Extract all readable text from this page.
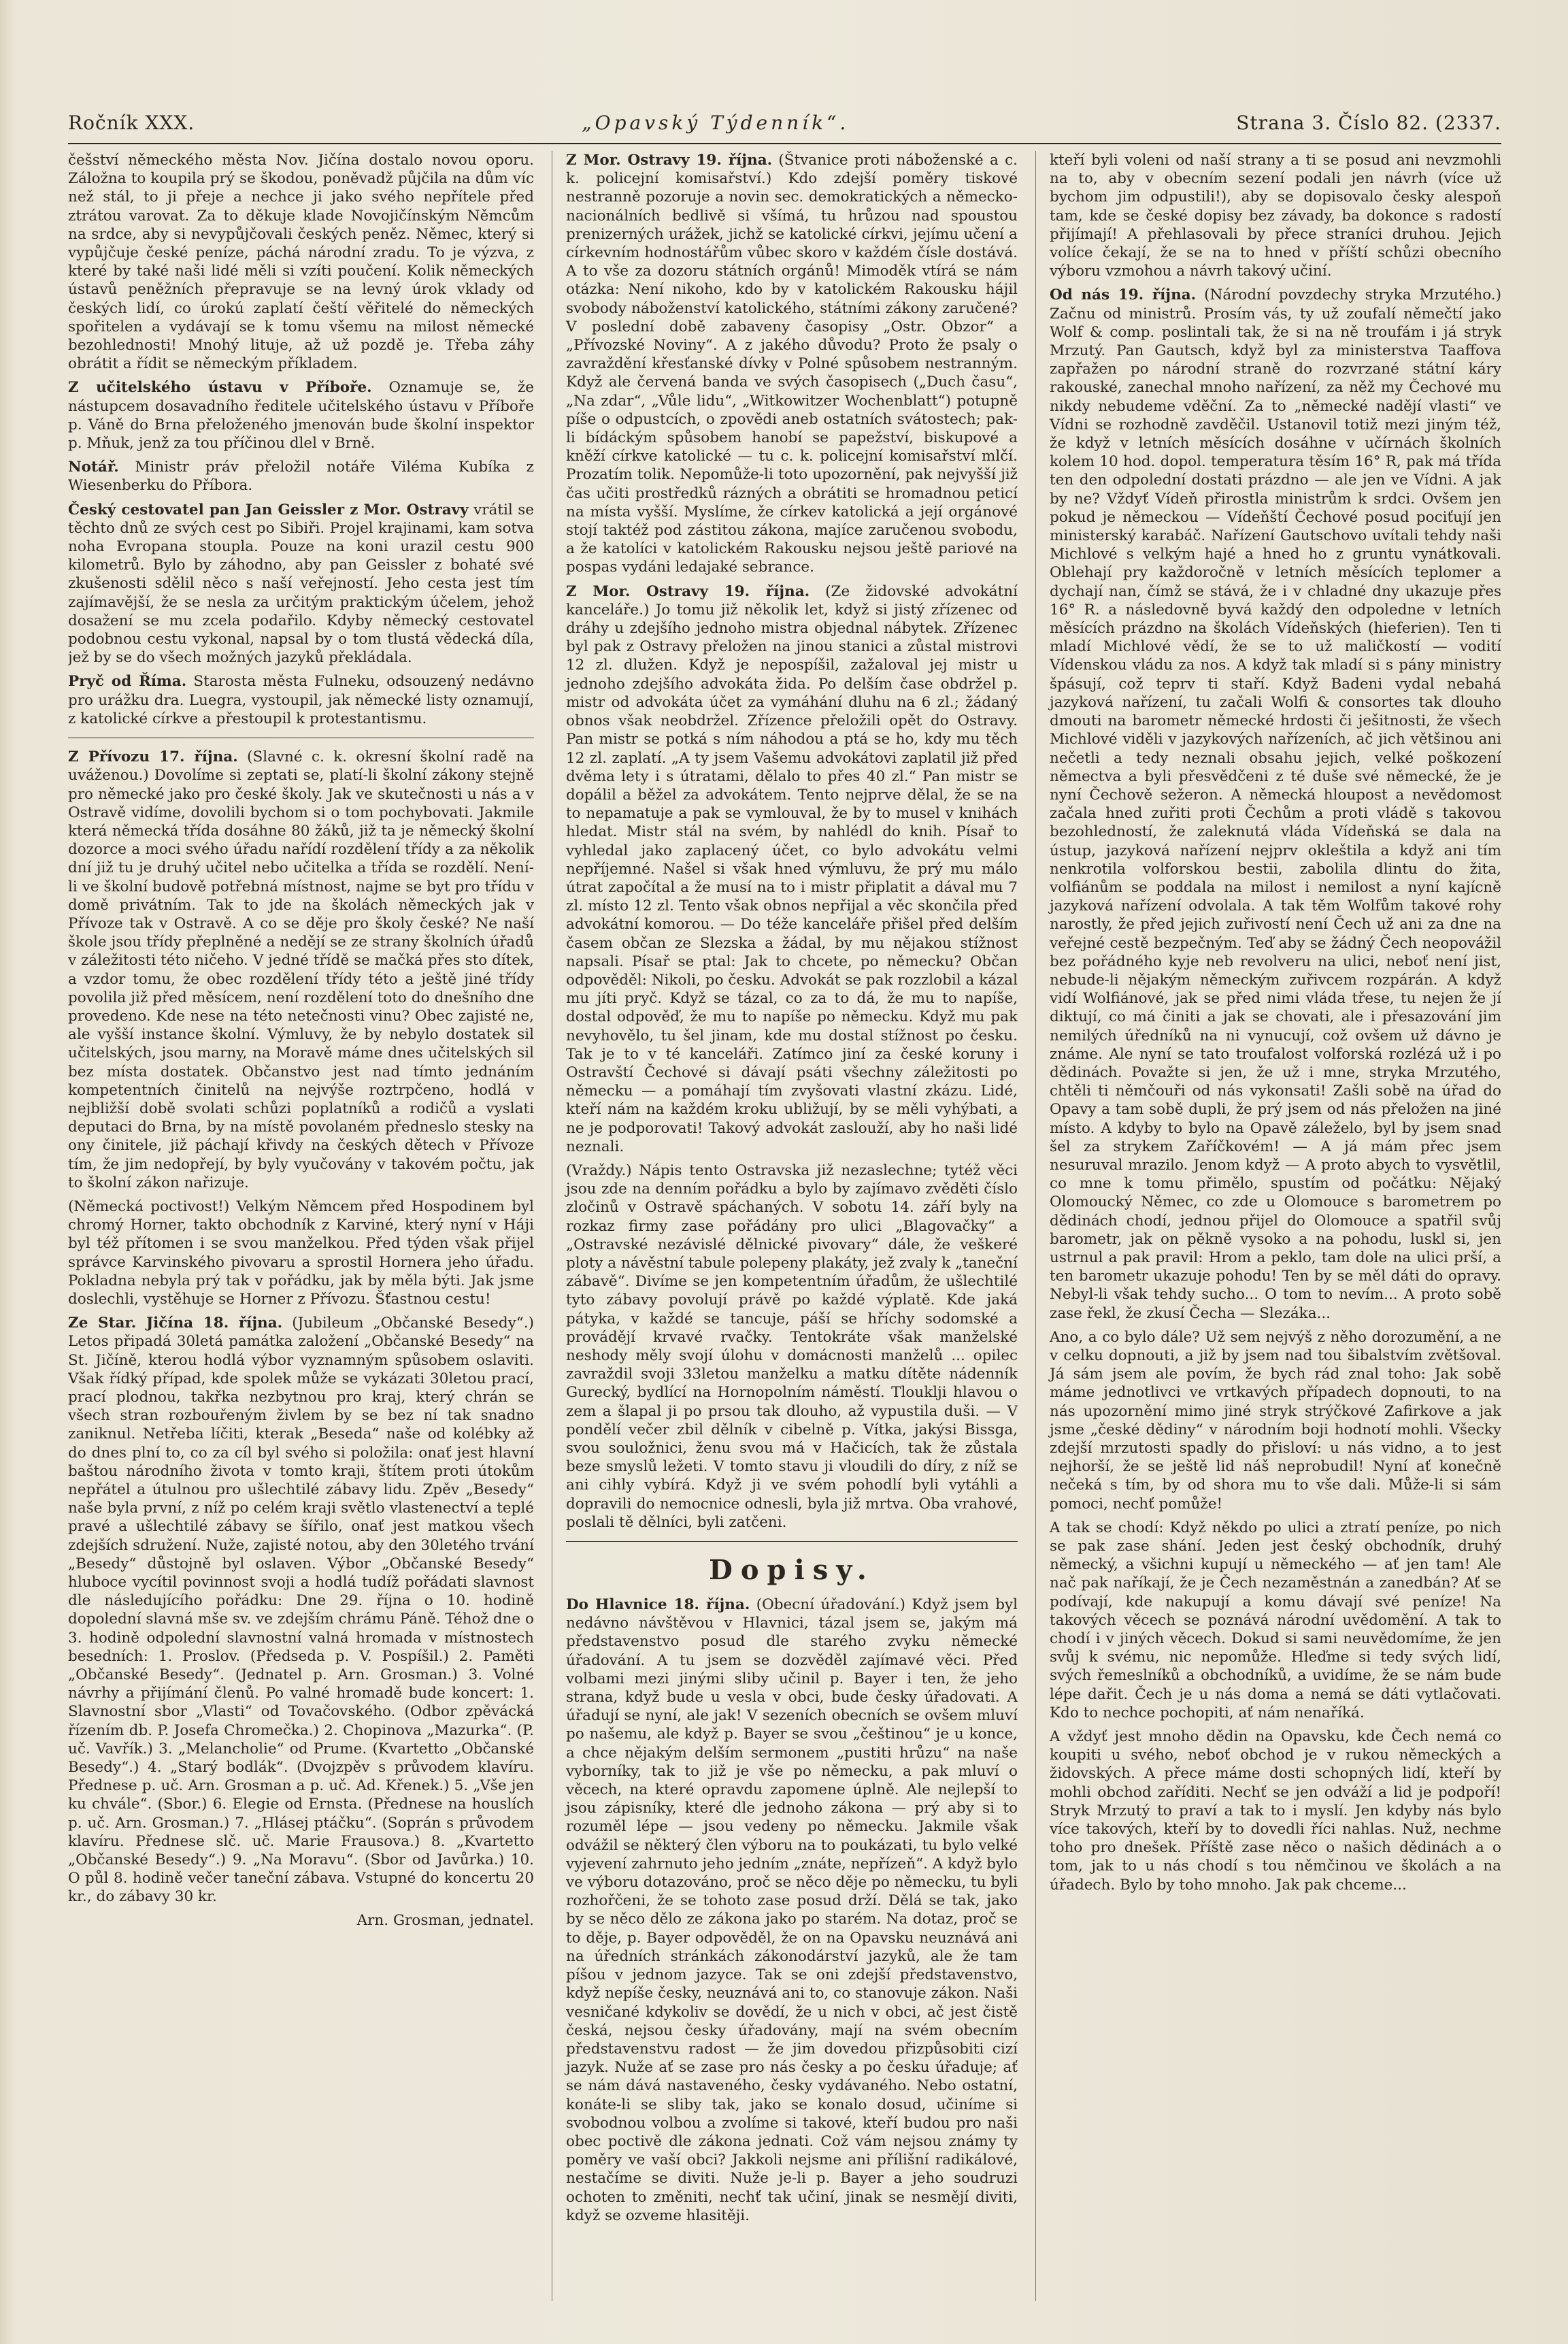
Ročník XXX.	„Opavský Týdenník“.	Strana 3. Číslo 82. (2337.

češství německého města Nov. Jičína dostalo novou oporu. Záložna to koupila prý se škodou, poněvadž půjčila na dům víc než stál, to ji přeje a nechce ji jako svého nepřítele před ztrátou varovat. Za to děkuje klade Novojičínským Němcům na srdce, aby si nevypůjčovali českých peněz. Němec, který si vypůjčuje české peníze, páchá národní zradu. To je výzva, z které by také naši lidé měli si vzíti poučení. Kolik německých ústavů peněžních přepravuje se na levný úrok vklady od českých lidí, co úrokú zaplatí čeští věřitelé do německých spořitelen a vydávají se k tomu všemu na milost německé bezohlednosti! Mnohý lituje, až už pozdě je. Třeba záhy obrátit a řídit se německým příkladem.

Z učitelského ústavu v Příboře. Oznamuje se, že nástupcem dosavadního ředitele učitelského ústavu v Příboře p. Váně do Brna přeloženého jmenován bude školní inspektor p. Mňuk, jenž za tou příčinou dlel v Brně.

Notář. Ministr práv přeložil notáře Viléma Kubíka z Wiesenberku do Příbora.

Český cestovatel pan Jan Geissler z Mor. Ostravy vrátil se těchto dnů ze svých cest po Sibiři. Projel krajinami, kam sotva noha Evropana stoupla. Pouze na koni urazil cestu 900 kilometrů. Bylo by záhodno, aby pan Geissler z bohaté své zkušenosti sdělil něco s naší veřejností. Jeho cesta jest tím zajímavější, že se nesla za určitým praktickým účelem, jehož dosažení se mu zcela podařilo. Kdyby německý cestovatel podobnou cestu vykonal, napsal by o tom tlustá vědecká díla, jež by se do všech možných jazyků překládala.

Pryč od Říma. Starosta města Fulneku, odsouzený nedávno pro urážku dra. Luegra, vystoupil, jak německé listy oznamují, z katolické církve a přestoupil k protestantismu.

Z Přívozu 17. října. (Slavné c. k. okresní školní radě na uváženou.) Dovolíme si zeptati se, platí-li školní zákony stejně pro německé jako pro české školy. Jak ve skutečnosti u nás a v Ostravě vidíme, dovolili bychom si o tom pochybovati. Jakmile která německá třída dosáhne 80 žáků, již ta je německý školní dozorce a moci svého úřadu nařídí rozdělení třídy a za několik dní již tu je druhý učitel nebo učitelka a třída se rozdělí. Není-li ve školní budově potřebná místnost, najme se byt pro třídu v domě privátním. Tak to jde na školách německých jak v Přívoze tak v Ostravě. A co se děje pro školy české? Ne naší škole jsou třídy přeplněné a nedějí se ze strany školních úřadů v záležitosti této ničeho. V jedné třídě se mačká přes sto dítek, a vzdor tomu, že obec rozdělení třídy této a ještě jiné třídy povolila již před měsícem, není rozdělení toto do dnešního dne provedeno. Kde nese na této netečnosti vinu? Obec zajisté ne, ale vyšší instance školní. Výmluvy, že by nebylo dostatek sil učitelských, jsou marny, na Moravě máme dnes učitelských sil bez místa dostatek. Občanstvo jest nad tímto jednáním kompetentních činitelů na nejvýše roztrpčeno, hodlá v nejbližší době svolati schůzi poplatníků a rodičů a vyslati deputaci do Brna, by na místě povolaném předneslo stesky na ony činitele, již páchají křivdy na českých dětech v Přívoze tím, že jim nedopřejí, by byly vyučovány v takovém počtu, jak to školní zákon nařizuje.

(Německá poctivost!) Velkým Němcem před Hospodinem byl chromý Horner, takto obchodník z Karviné, který nyní v Háji byl též přítomen i se svou manželkou. Před týden však přijel správce Karvinského pivovaru a sprostil Hornera jeho úřadu. Pokladna nebyla prý tak v pořádku, jak by měla býti. Jak jsme doslechli, vystěhuje se Horner z Přívozu. Šťastnou cestu!

Ze Star. Jičína 18. října. (Jubileum „Občanské Besedy“.) Letos připadá 30letá památka založení „Občanské Besedy“ na St. Jičíně, kterou hodlá výbor vyznamným spůsobem oslaviti. Však řídký případ, kde spolek může se vykázati 30letou prací, prací plodnou, takřka nezbytnou pro kraj, který chrán se všech stran rozbouřeným živlem by se bez ní tak snadno zaniknul. Netřeba líčiti, kterak „Beseda“ naše od kolébky až do dnes plní to, co za cíl byl svého si položila: onať jest hlavní baštou národního života v tomto kraji, štítem proti útokům nepřátel a útulnou pro ušlechtilé zábavy lidu. Zpěv „Besedy“ naše byla první, z níž po celém kraji světlo vlastenectví a teplé pravé a ušlechtilé zábavy se šířilo, onať jest matkou všech zdejších sdružení. Nuže, zajisté notou, aby den 30letého trvání „Besedy“ důstojně byl oslaven. Výbor „Občanské Besedy“ hluboce vycítil povinnost svoji a hodlá tudíž pořádati slavnost dle následujícího pořádku: Dne 29. října o 10. hodině dopolední slavná mše sv. ve zdejším chrámu Páně. Téhož dne o 3. hodině odpolední slavnostní valná hromada v místnostech besedních: 1. Proslov. (Předseda p. V. Pospíšil.) 2. Paměti „Občanské Besedy“. (Jednatel p. Arn. Grosman.) 3. Volné návrhy a přijímání členů. Po valné hromadě bude koncert: 1. Slavnostní sbor „Vlasti“ od Tovačovského. (Odbor zpěvácká řízením db. P. Josefa Chromečka.) 2. Chopinova „Mazurka“. (P. uč. Vavřík.) 3. „Melancholie“ od Prume. (Kvartetto „Občanské Besedy“.) 4. „Starý bodlák“. (Dvojzpěv s průvodem klavíru. Přednese p. uč. Arn. Grosman a p. uč. Ad. Křenek.) 5. „Vše jen ku chvále“. (Sbor.) 6. Elegie od Ernsta. (Přednese na houslích p. uč. Arn. Grosman.) 7. „Hlásej ptáčku“. (Soprán s průvodem klavíru. Přednese slč. uč. Marie Frausova.) 8. „Kvartetto „Občanské Besedy“.) 9. „Na Moravu“. (Sbor od Javůrka.) 10. O půl 8. hodině večer taneční zábava. Vstupné do koncertu 20 kr., do zábavy 30 kr.

Arn. Grosman, jednatel.

Z Mor. Ostravy 19. října. (Štvanice proti náboženské a c. k. policejní komisařství.) Kdo zdejší poměry tiskové nestranně pozoruje a novin sec. demokratických a německo-nacionálních bedlivě si všímá, tu hrůzou nad spoustou prenizerných urážek, jichž se katolické církvi, jejímu učení a církevním hodnostářům vůbec skoro v každém čísle dostává. A to vše za dozoru státních orgánů! Mimoděk vtírá se nám otázka: Není nikoho, kdo by v katolickém Rakousku hájil svobody náboženství katolického, státními zákony zaručené? V poslední době zabaveny časopisy „Ostr. Obzor“ a „Přívozské Noviny“. A z jakého důvodu? Proto že psaly o zavraždění křesťanské dívky v Polné spůsobem nestranným. Když ale červená banda ve svých časopisech („Duch času“, „Na zdar“, „Vůle lidu“, „Witkowitzer Wochenblatt“) potupně píše o odpustcích, o zpovědi aneb ostatních svátostech; pak-li bídáckým spůsobem hanobí se papežství, biskupové a kněží církve katolické — tu c. k. policejní komisařství mlčí. Prozatím tolik. Nepomůže-li toto upozornění, pak nejvyšší již čas učiti prostředků rázných a obrátiti se hromadnou peticí na místa vyšší. Myslíme, že církev katolická a její orgánové stojí taktéž pod zástitou zákona, majíce zaručenou svobodu, a že katolíci v katolickém Rakousku nejsou ještě pariové na pospas vydáni ledajaké sebrance.

Z Mor. Ostravy 19. října. (Ze židovské advokátní kanceláře.) Jo tomu již několik let, když si jistý zřízenec od dráhy u zdejšího jednoho mistra objednal nábytek. Zřízenec byl pak z Ostravy přeložen na jinou stanici a zůstal mistrovi 12 zl. dlužen. Když je nepospíšil, zažaloval jej mistr u jednoho zdejšího advokáta žida. Po delším čase obdržel p. mistr od advokáta účet za vymáhání dluhu na 6 zl.; žádaný obnos však neobdržel. Zřízence přeložili opět do Ostravy. Pan mistr se potká s ním náhodou a ptá se ho, kdy mu těch 12 zl. zaplatí. „A ty jsem Vašemu advokátovi zaplatil již před dvěma lety i s útratami, dělalo to přes 40 zl.“ Pan mistr se dopálil a běžel za advokátem. Tento nejprve dělal, že se na to nepamatuje a pak se vymlouval, že by to musel v knihách hledat. Mistr stál na svém, by nahlédl do knih. Písař to vyhledal jako zaplacený účet, co bylo advokátu velmi nepříjemné. Našel si však hned výmluvu, že prý mu málo útrat započítal a že musí na to i mistr připlatit a dával mu 7 zl. místo 12 zl. Tento však obnos nepřijal a věc skončila před advokátní komorou. — Do téže kanceláře přišel před delším časem občan ze Slezska a žádal, by mu nějakou stížnost napsali. Písař se ptal: Jak to chcete, po německu? Občan odpověděl: Nikoli, po česku. Advokát se pak rozzlobil a kázal mu jíti pryč. Když se tázal, co za to dá, že mu to napíše, dostal odpověď, že mu to napíše po německu. Když mu pak nevyhovělo, tu šel jinam, kde mu dostal stížnost po česku. Tak je to v té kanceláři. Zatímco jiní za české koruny i Ostravští Čechové si dávají psáti všechny záležitosti po německu — a pomáhají tím zvyšovati vlastní zkázu. Lidé, kteří nám na každém kroku ubližují, by se měli vyhýbati, a ne je podporovati! Takový advokát zaslouží, aby ho naši lidé neznali.

(Vraždy.) Nápis tento Ostravska již nezaslechne; tytéž věci jsou zde na denním pořádku a bylo by zajímavo zvěděti číslo zločinů v Ostravě spáchaných. V sobotu 14. září byly na rozkaz firmy zase pořádány pro ulici „Blagovačky“ a „Ostravské nezávislé dělnické pivovary“ dále, že veškeré ploty a návěstní tabule polepeny plakáty, jež zvaly k „taneční zábavě“. Divíme se jen kompetentním úřadům, že ušlechtilé tyto zábavy povolují právě po každé výplatě. Kde jaká pátyka, v každé se tancuje, páší se hříchy sodomské a provádějí krvavé rvačky. Tentokráte však manželské neshody měly svojí úlohu v domácnosti manželů ... opilec zavraždil svoji 33letou manželku a matku dítěte nádenník Gurecký, bydlící na Hornopolním náměstí. Tlouklji hlavou o zem a šlapal ji po prsou tak dlouho, až vypustila duši. — V pondělí večer zbil dělník v cibelně p. Vítka, jakýsi Bissga, svou souložnici, ženu svou má v Hačicích, tak že zůstala beze smyslů ležeti. V tomto stavu ji vloudili do díry, z níž se ani cihly vybírá. Když ji ve svém pohodlí byli vytáhli a dopravili do nemocnice odnesli, byla již mrtva. Oba vrahové, poslali tě dělníci, byli zatčeni.

Dopisy.

Do Hlavnice 18. října. (Obecní úřadování.) Když jsem byl nedávno návštěvou v Hlavnici, tázal jsem se, jakým má představenstvo posud dle starého zvyku německé úřadování. A tu jsem se dozvěděl zajímavé věci. Před volbami mezi jinými sliby učinil p. Bayer i ten, že jeho strana, když bude u vesla v obci, bude česky úřadovati. A úřadují se nyní, ale jak! V sezeních obecních se ovšem mluví po našemu, ale když p. Bayer se svou „češtinou“ je u konce, a chce nějakým delším sermonem „pustiti hrůzu“ na naše vyborníky, tak to již je vše po německu, a pak mluví o věcech, na které opravdu zapomene úplně. Ale nejlepší to jsou zápisníky, které dle jednoho zákona — prý aby si to rozuměl lépe — jsou vedeny po německu. Jakmile však odvážil se některý člen výboru na to poukázati, tu bylo velké vyjevení zahrnuto jeho jedním „znáte, nepřízeň“. A když bylo ve výboru dotazováno, proč se něco děje po německu, tu byli rozhořčeni, že se tohoto zase posud drží. Dělá se tak, jako by se něco dělo ze zákona jako po starém. Na dotaz, proč se to děje, p. Bayer odpověděl, že on na Opavsku neuznává ani na úředních stránkách zákonodárství jazyků, ale že tam píšou v jednom jazyce. Tak se oni zdejší představenstvo, když nepíše česky, neuznává ani to, co stanovuje zákon. Naši vesničané kdykoliv se dovědí, že u nich v obci, ač jest čistě česká, nejsou česky úřadovány, mají na svém obecním představenstvu radost — že jim dovedou přizpůsobiti cizí jazyk. Nuže ať se zase pro nás česky a po česku úřaduje; ať se nám dává nastaveného, česky vydávaného. Nebo ostatní, konáte-li se sliby tak, jako se konalo dosud, učiníme si svobodnou volbou a zvolíme si takové, kteří budou pro naši obec poctivě dle zákona jednati. Což vám nejsou známy ty poměry ve vaší obci? Jakkoli nejsme ani přílišní radikálové, nestačíme se diviti. Nuže je-li p. Bayer a jeho soudruzi ochoten to změniti, nechť tak učiní, jinak se nesmějí diviti, když se ozveme hlasitěji.

kteří byli voleni od naší strany a ti se posud ani nevzmohli na to, aby v obecním sezení podali jen návrh (více už bychom jim odpustili!), aby se dopisovalo česky alespoň tam, kde se české dopisy bez závady, ba dokonce s radostí přijímají! A přehlasovali by přece straníci druhou. Jejich volíce čekají, že se na to hned v příští schůzi obecního výboru vzmohou a návrh takový učiní.

Od nás 19. října. (Národní povzdechy stryka Mrzutého.) Začnu od ministrů. Prosím vás, ty už zoufalí němečtí jako Wolf & comp. poslintali tak, že si na ně troufám i já stryk Mrzutý. Pan Gautsch, když byl za ministerstva Taaffova zapřažen po národní straně do rozvrzané státní káry rakouské, zanechal mnoho nařízení, za něž my Čechové mu nikdy nebudeme vděční. Za to „německé nadějí vlasti“ ve Vídni se rozhodně zavděčil. Ustanovil totiž mezi jiným též, že když v letních měsících dosáhne v učírnách školních kolem 10 hod. dopol. temperatura těsím 16° R, pak má třída ten den odpolední dostati prázdno — ale jen ve Vídni. A jak by ne? Vždyť Vídeň přirostla ministrům k srdci. Ovšem jen pokud je německou — Vídeňští Čechové posud pociťují jen ministerský karabáč. Nařízení Gautschovo uvítali tehdy naši Michlové s velkým hajé a hned ho z gruntu vynátkovali. Oblehají pry každoročně v letních měsících teplomer a dychají nan, čímž se stává, že i v chladné dny ukazuje přes 16° R. a následovně byvá každý den odpoledne v letních měsících prázdno na školách Vídeňských (hieferien). Ten ti mladí Michlové vědí, že se to už maličkostí — vodití Vídenskou vládu za nos. A když tak mladí si s pány ministry špásují, což teprv ti staří. Když Badeni vydal nebahá jazyková nařízení, tu začali Wolfi & consortes tak dlouho dmouti na barometr německé hrdosti či ješitnosti, že všech Michlové viděli v jazykových nařízeních, ač jich většinou ani nečetli a tedy neznali obsahu jejich, velké poškození němectva a byli přesvědčeni z té duše své německé, že je nyní Čechově sežeron. A německá hloupost a nevědomost začala hned zuřiti proti Čechům a proti vládě s takovou bezohledností, že zaleknutá vláda Vídeňská se dala na ústup, jazyková nařízení nejprv okleštila a když ani tím nenkrotila volforskou bestii, zabolila dlintu do žita, volfiánům se poddala na milost i nemilost a nyní kajícně jazyková nařízení odvolala. A tak těm Wolfům takové rohy narostly, že před jejich zuřivostí není Čech už ani za dne na veřejné cestě bezpečným. Teď aby se žádný Čech neopovážil bez pořádného kyje neb revolveru na ulici, neboť není jist, nebude-li nějakým německým zuřivcem rozpárán. A když vidí Wolfiánové, jak se před nimi vláda třese, tu nejen že jí diktují, co má činiti a jak se chovati, ale i přesazování jim nemilých úředníků na ni vynucují, což ovšem už dávno je známe. Ale nyní se tato troufalost volforská rozlézá už i po dědinách. Považte si jen, že už i mne, stryka Mrzutého, chtěli ti němčouři od nás vykonsati! Zašli sobě na úřad do Opavy a tam sobě dupli, že prý jsem od nás přeložen na jiné místo. A kdyby to bylo na Opavě záleželo, byl by jsem snad šel za strykem Zaříčkovém! — A já mám přec jsem nesuruval mrazilo. Jenom když — A proto abych to vysvětlil, co mne k tomu přimělo, spustím od počátku: Nějaký Olomoucký Němec, co zde u Olomouce s barometrem po dědinách chodí, jednou přijel do Olomouce a spatřil svůj barometr, jak on pěkně vysoko a na pohodu, luskl si, jen ustrnul a pak pravil: Hrom a peklo, tam dole na ulici prší, a ten barometr ukazuje pohodu! Ten by se měl dáti do opravy. Nebyl-li však tehdy sucho... O tom to nevím... A proto sobě zase řekl, že zkusí Čecha — Slezáka...

Ano, a co bylo dále? Už sem nejvýš z něho dorozumění, a ne v celku dopnouti, a již by jsem nad tou šibalstvím zvětšoval. Já sám jsem ale povím, že bych rád znal toho: Jak sobě máme jednotlivci ve vrtkavých případech dopnouti, to na nás upozornění mimo jiné stryk strýčkové Zafirkove a jak jsme „české dědiny“ v národním boji hodnotí mohli. Všecky zdejší mrzutosti spadly do přisloví: u nás vidno, a to jest nejhorší, že se ještě lid náš neprobudil! Nyní ať konečně nečeká s tím, by od shora mu to vše dali. Může-li si sám pomoci, nechť pomůže!

A tak se chodí: Když někdo po ulici a ztratí peníze, po nich se pak zase shání. Jeden jest český obchodník, druhý německý, a všichni kupují u německého — ať jen tam! Ale nač pak naříkají, že je Čech nezaměstnán a zanedbán? Ať se podívají, kde nakupují a komu dávají své peníze! Na takových věcech se poznává národní uvědomění. A tak to chodí i v jiných věcech. Dokud si sami neuvědomíme, že jen svůj k svému, nic nepomůže. Hleďme si tedy svých lidí, svých řemeslníků a obchodníků, a uvidíme, že se nám bude lépe dařit. Čech je u nás doma a nemá se dáti vytlačovati. Kdo to nechce pochopiti, ať nám nenaříká.

A vždyť jest mnoho dědin na Opavsku, kde Čech nemá co koupiti u svého, neboť obchod je v rukou německých a židovských. A přece máme dosti schopných lidí, kteří by mohli obchod zaříditi. Nechť se jen odváží a lid je podpoří! Stryk Mrzutý to praví a tak to i myslí. Jen kdyby nás bylo více takových, kteří by to dovedli říci nahlas. Nuž, nechme toho pro dnešek. Příště zase něco o našich dědinách a o tom, jak to u nás chodí s tou němčinou ve školách a na úřadech. Bylo by toho mnoho. Jak pak chceme...
